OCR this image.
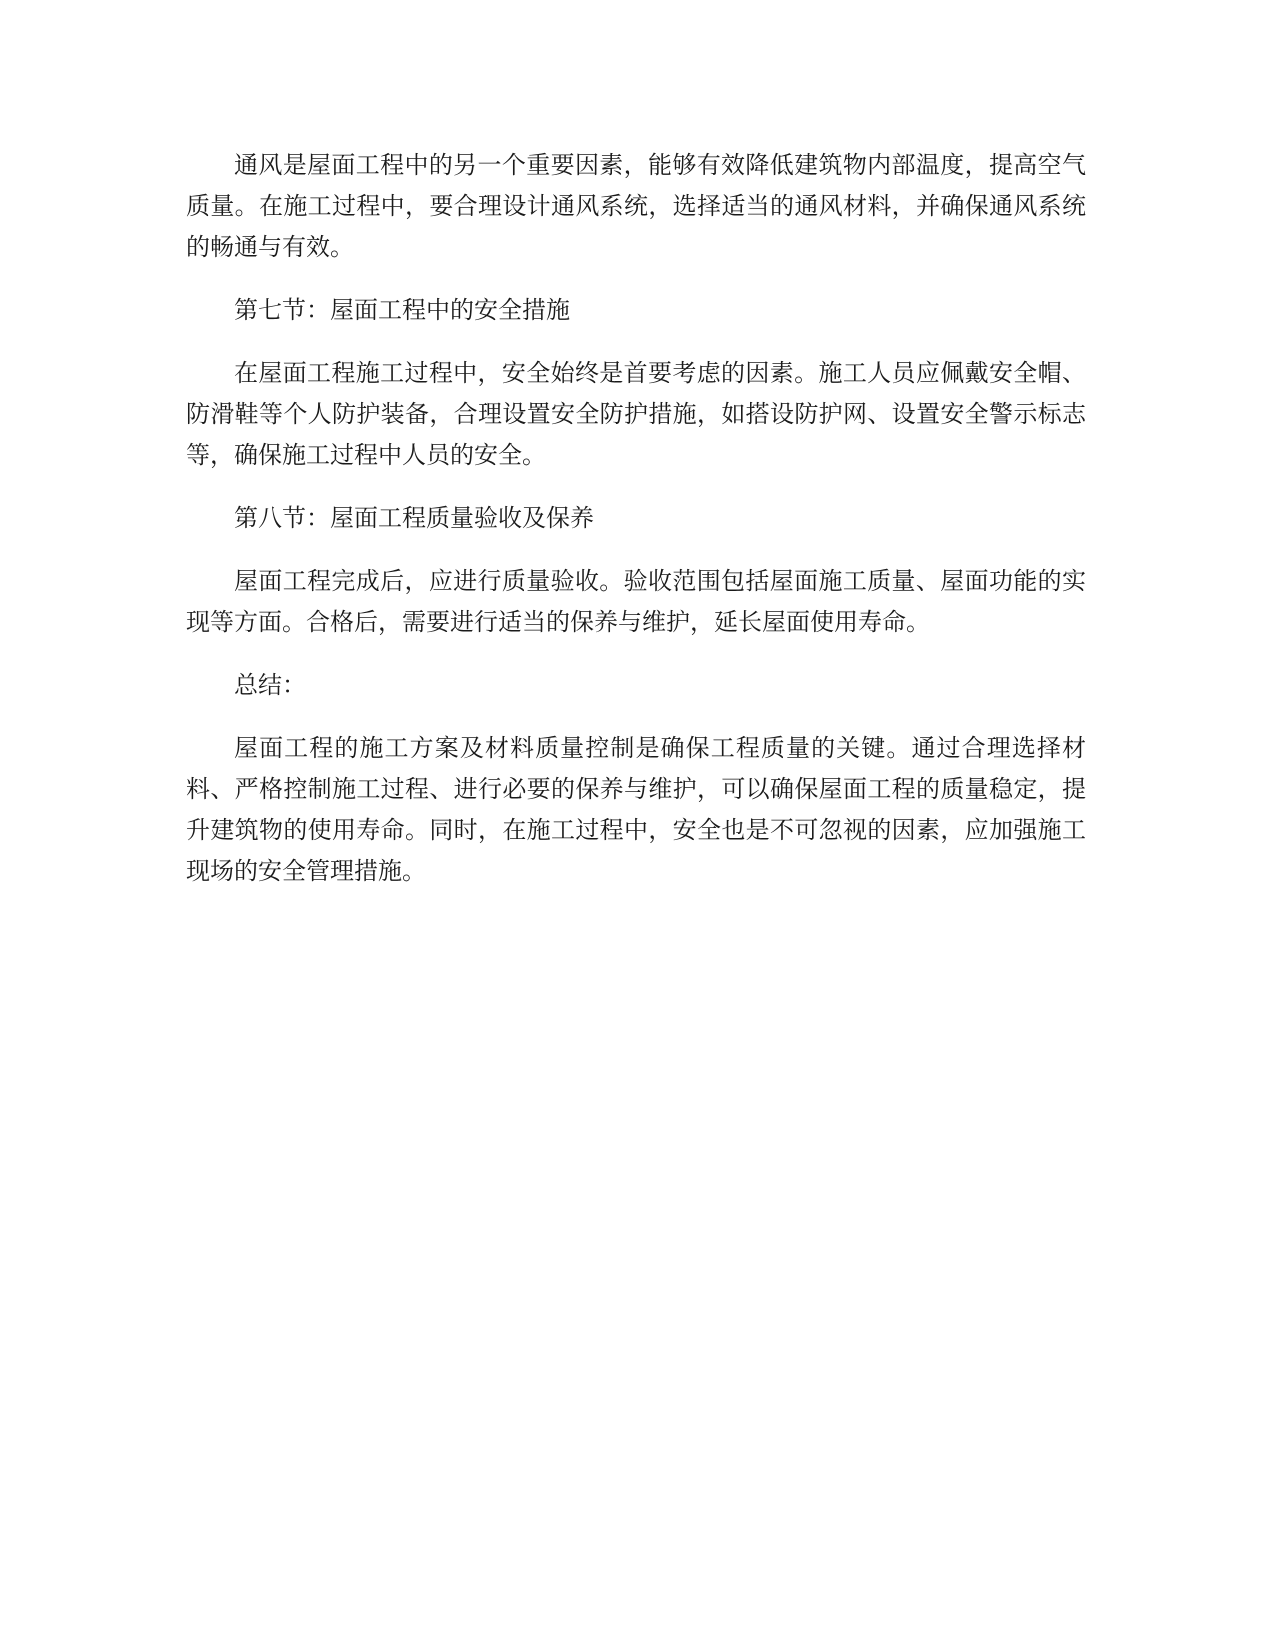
通风是屋面工程中的另一个重要因素，能够有效降低建筑物内部温度，提高空气质量。在施工过程中，要合理设计通风系统，选择适当的通风材料，并确保通风系统的畅通与有效。

第七节：屋面工程中的安全措施

在屋面工程施工过程中，安全始终是首要考虑的因素。施工人员应佩戴安全帽、防滑鞋等个人防护装备，合理设置安全防护措施，如搭设防护网、设置安全警示标志等，确保施工过程中人员的安全。

第八节：屋面工程质量验收及保养

屋面工程完成后，应进行质量验收。验收范围包括屋面施工质量、屋面功能的实现等方面。合格后，需要进行适当的保养与维护，延长屋面使用寿命。

总结：

屋面工程的施工方案及材料质量控制是确保工程质量的关键。通过合理选择材料、严格控制施工过程、进行必要的保养与维护，可以确保屋面工程的质量稳定，提升建筑物的使用寿命。同时，在施工过程中，安全也是不可忽视的因素，应加强施工现场的安全管理措施。
